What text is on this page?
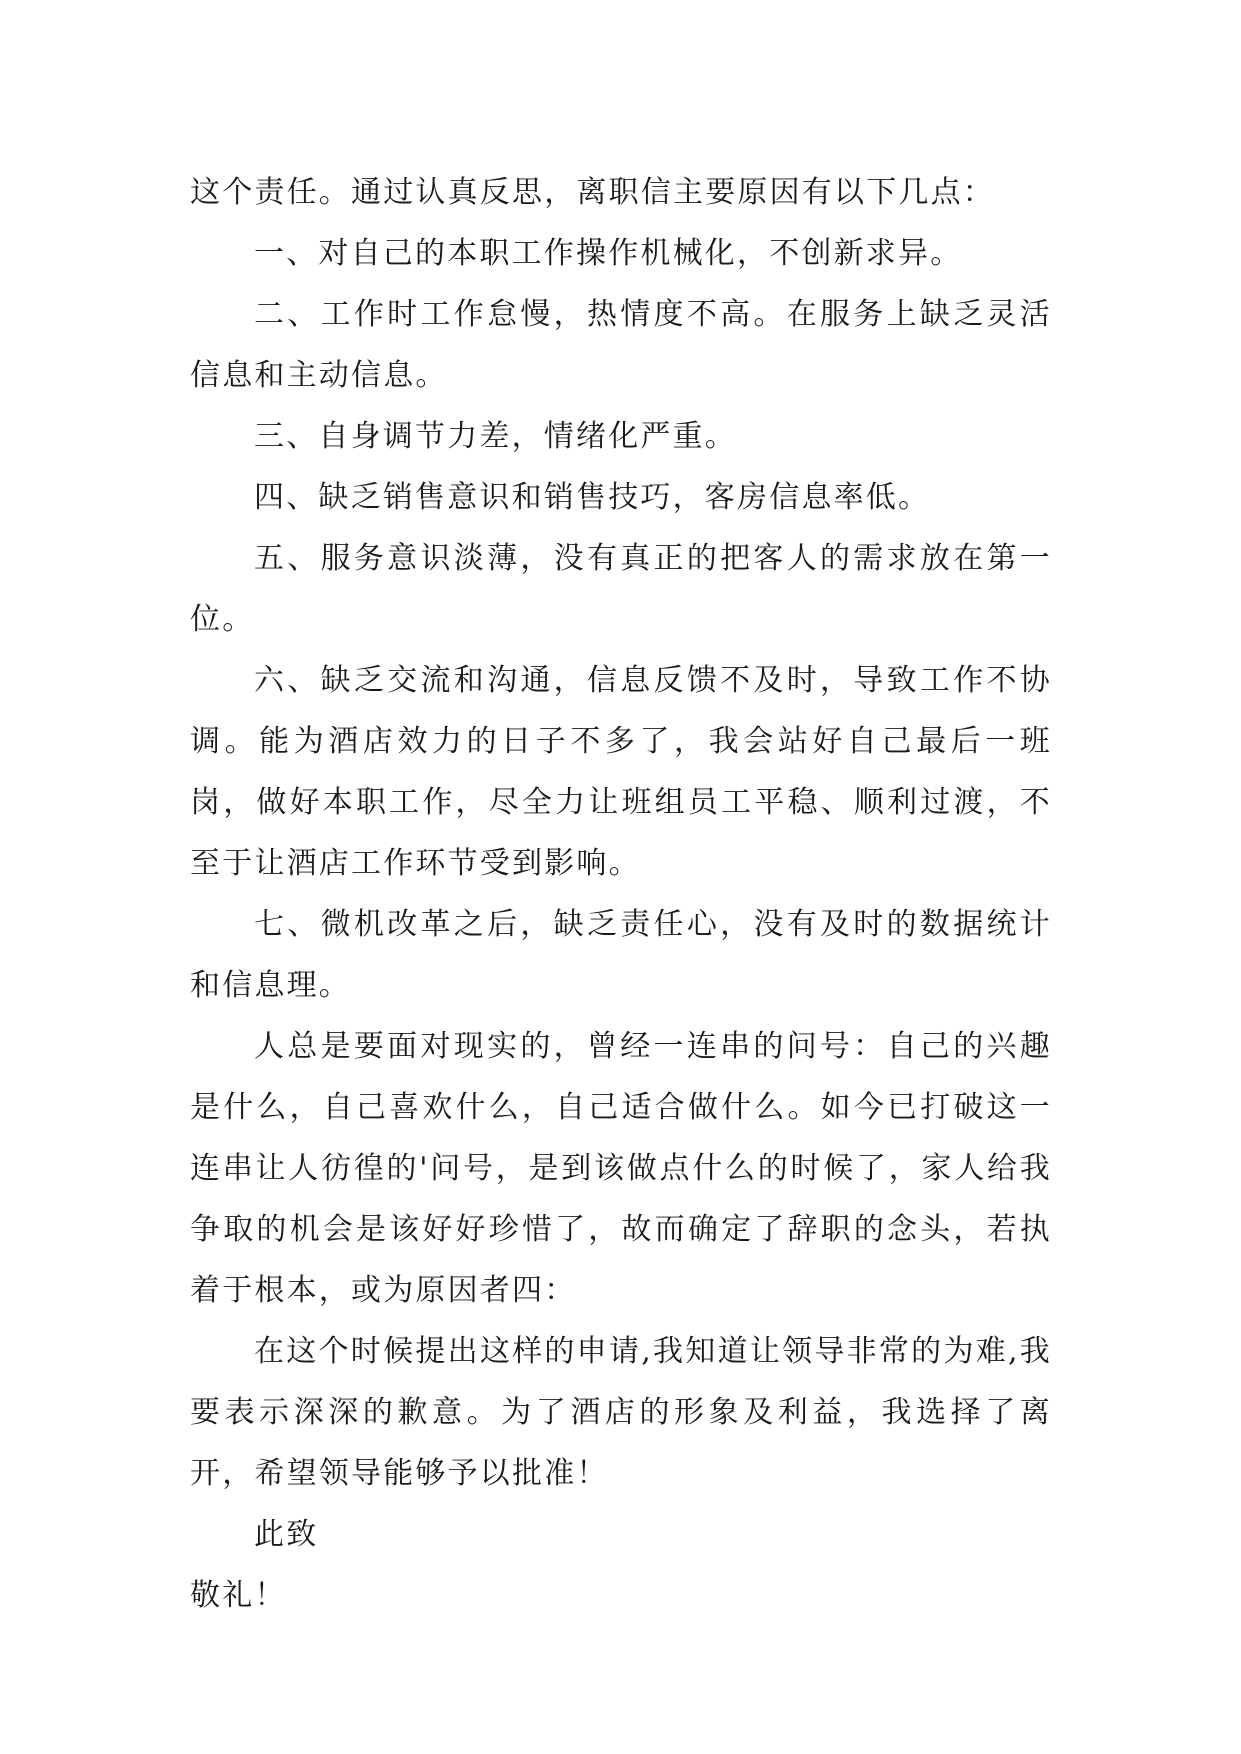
这个责任。通过认真反思，离职信主要原因有以下几点：

一、对自己的本职工作操作机械化，不创新求异。

二、工作时工作怠慢，热情度不高。在服务上缺乏灵活信息和主动信息。

三、自身调节力差，情绪化严重。

四、缺乏销售意识和销售技巧，客房信息率低。

五、服务意识淡薄，没有真正的把客人的需求放在第一位。

六、缺乏交流和沟通，信息反馈不及时，导致工作不协调。能为酒店效力的日子不多了，我会站好自己最后一班岗，做好本职工作，尽全力让班组员工平稳、顺利过渡，不至于让酒店工作环节受到影响。

七、微机改革之后，缺乏责任心，没有及时的数据统计和信息理。

人总是要面对现实的，曾经一连串的问号：自己的兴趣是什么，自己喜欢什么，自己适合做什么。如今已打破这一连串让人彷徨的'问号，是到该做点什么的时候了，家人给我争取的机会是该好好珍惜了，故而确定了辞职的念头，若执着于根本，或为原因者四：

在这个时候提出这样的申请,我知道让领导非常的为难,我要表示深深的歉意。为了酒店的形象及利益，我选择了离开，希望领导能够予以批准！

此致

敬礼！
